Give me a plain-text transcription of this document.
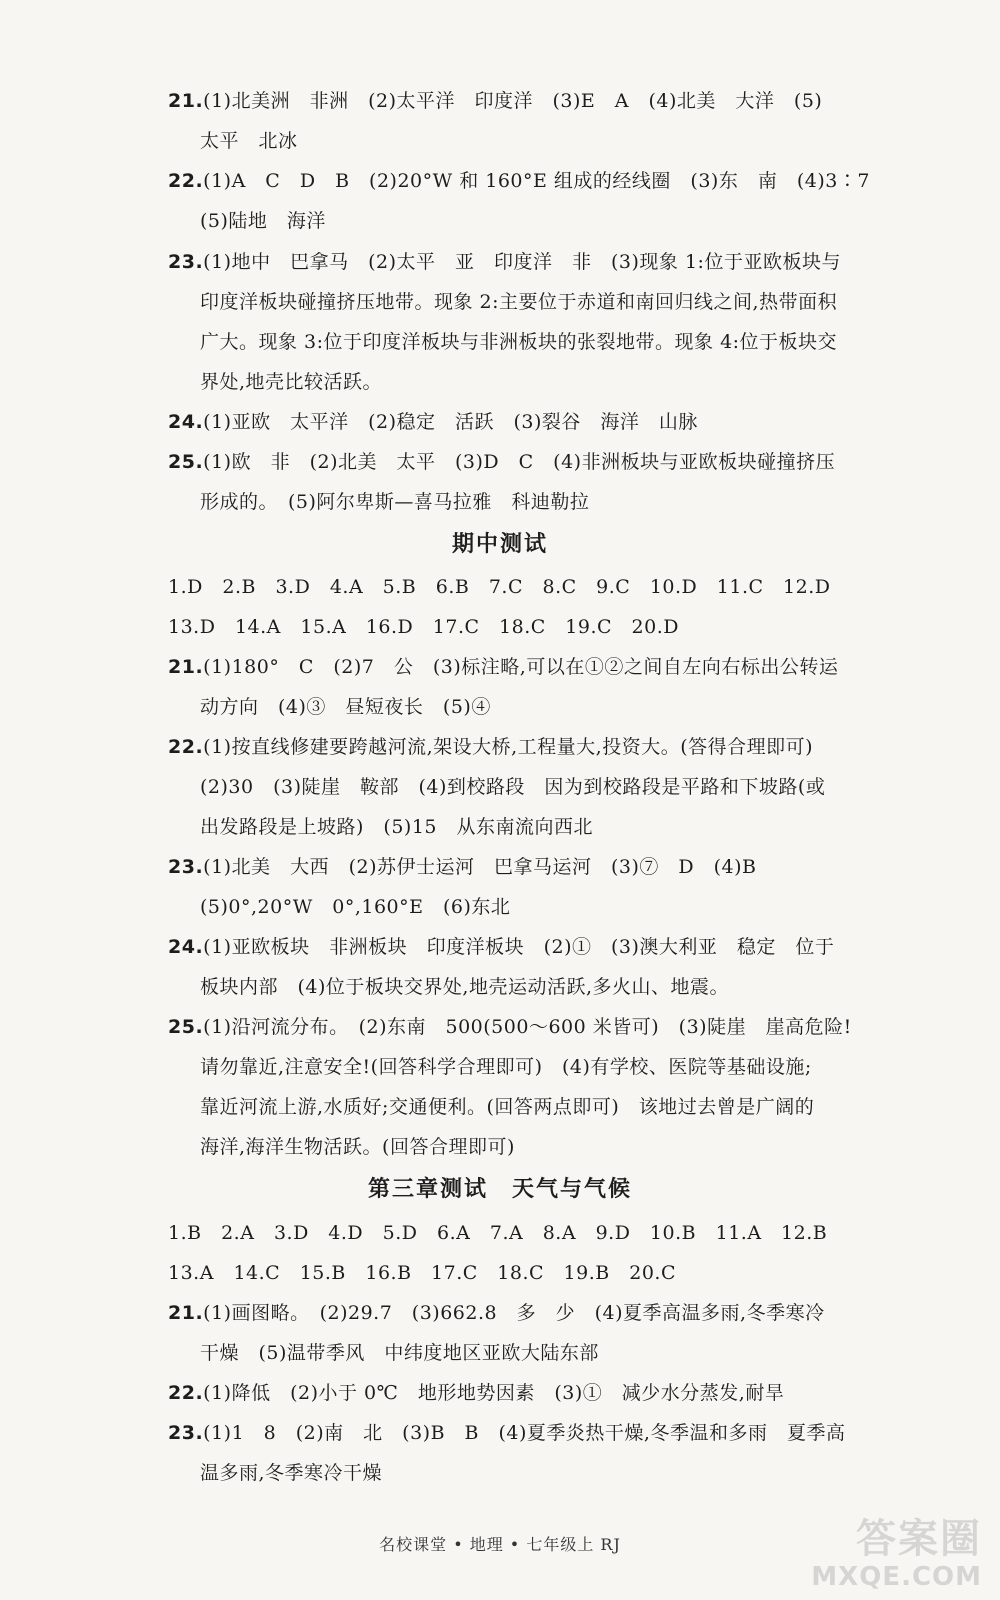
21.(1)北美洲　非洲　(2)太平洋　印度洋　(3)E　A　(4)北美　大洋　(5)
太平　北冰
22.(1)A　C　D　B　(2)20°W 和 160°E 组成的经线圈　(3)东　南　(4)3∶7
(5)陆地　海洋
23.(1)地中　巴拿马　(2)太平　亚　印度洋　非　(3)现象 1:位于亚欧板块与
印度洋板块碰撞挤压地带。现象 2:主要位于赤道和南回归线之间,热带面积
广大。现象 3:位于印度洋板块与非洲板块的张裂地带。现象 4:位于板块交
界处,地壳比较活跃。
24.(1)亚欧　太平洋　(2)稳定　活跃　(3)裂谷　海洋　山脉
25.(1)欧　非　(2)北美　太平　(3)D　C　(4)非洲板块与亚欧板块碰撞挤压
形成的。　(5)阿尔卑斯—喜马拉雅　科迪勒拉
期中测试
1.D　2.B　3.D　4.A　5.B　6.B　7.C　8.C　9.C　10.D　11.C　12.D
13.D　14.A　15.A　16.D　17.C　18.C　19.C　20.D
21.(1)180°　C　(2)7　公　(3)标注略,可以在①②之间自左向右标出公转运
动方向　(4)③　昼短夜长　(5)④
22.(1)按直线修建要跨越河流,架设大桥,工程量大,投资大。(答得合理即可)
(2)30　(3)陡崖　鞍部　(4)到校路段　因为到校路段是平路和下坡路(或
出发路段是上坡路)　(5)15　从东南流向西北
23.(1)北美　大西　(2)苏伊士运河　巴拿马运河　(3)⑦　D　(4)B
(5)0°,20°W　0°,160°E　(6)东北
24.(1)亚欧板块　非洲板块　印度洋板块　(2)①　(3)澳大利亚　稳定　位于
板块内部　(4)位于板块交界处,地壳运动活跃,多火山、地震。
25.(1)沿河流分布。　(2)东南　500(500～600 米皆可)　(3)陡崖　崖高危险!
请勿靠近,注意安全!(回答科学合理即可)　(4)有学校、医院等基础设施;
靠近河流上游,水质好;交通便利。(回答两点即可)　该地过去曾是广阔的
海洋,海洋生物活跃。(回答合理即可)
第三章测试　天气与气候
1.B　2.A　3.D　4.D　5.D　6.A　7.A　8.A　9.D　10.B　11.A　12.B
13.A　14.C　15.B　16.B　17.C　18.C　19.B　20.C
21.(1)画图略。　(2)29.7　(3)662.8　多　少　(4)夏季高温多雨,冬季寒冷
干燥　(5)温带季风　中纬度地区亚欧大陆东部
22.(1)降低　(2)小于 0℃　地形地势因素　(3)①　减少水分蒸发,耐旱
23.(1)1　8　(2)南　北　(3)B　B　(4)夏季炎热干燥,冬季温和多雨　夏季高
温多雨,冬季寒冷干燥
名校课堂 • 地理 • 七年级上 RJ	答案圈
MXQE.COM
